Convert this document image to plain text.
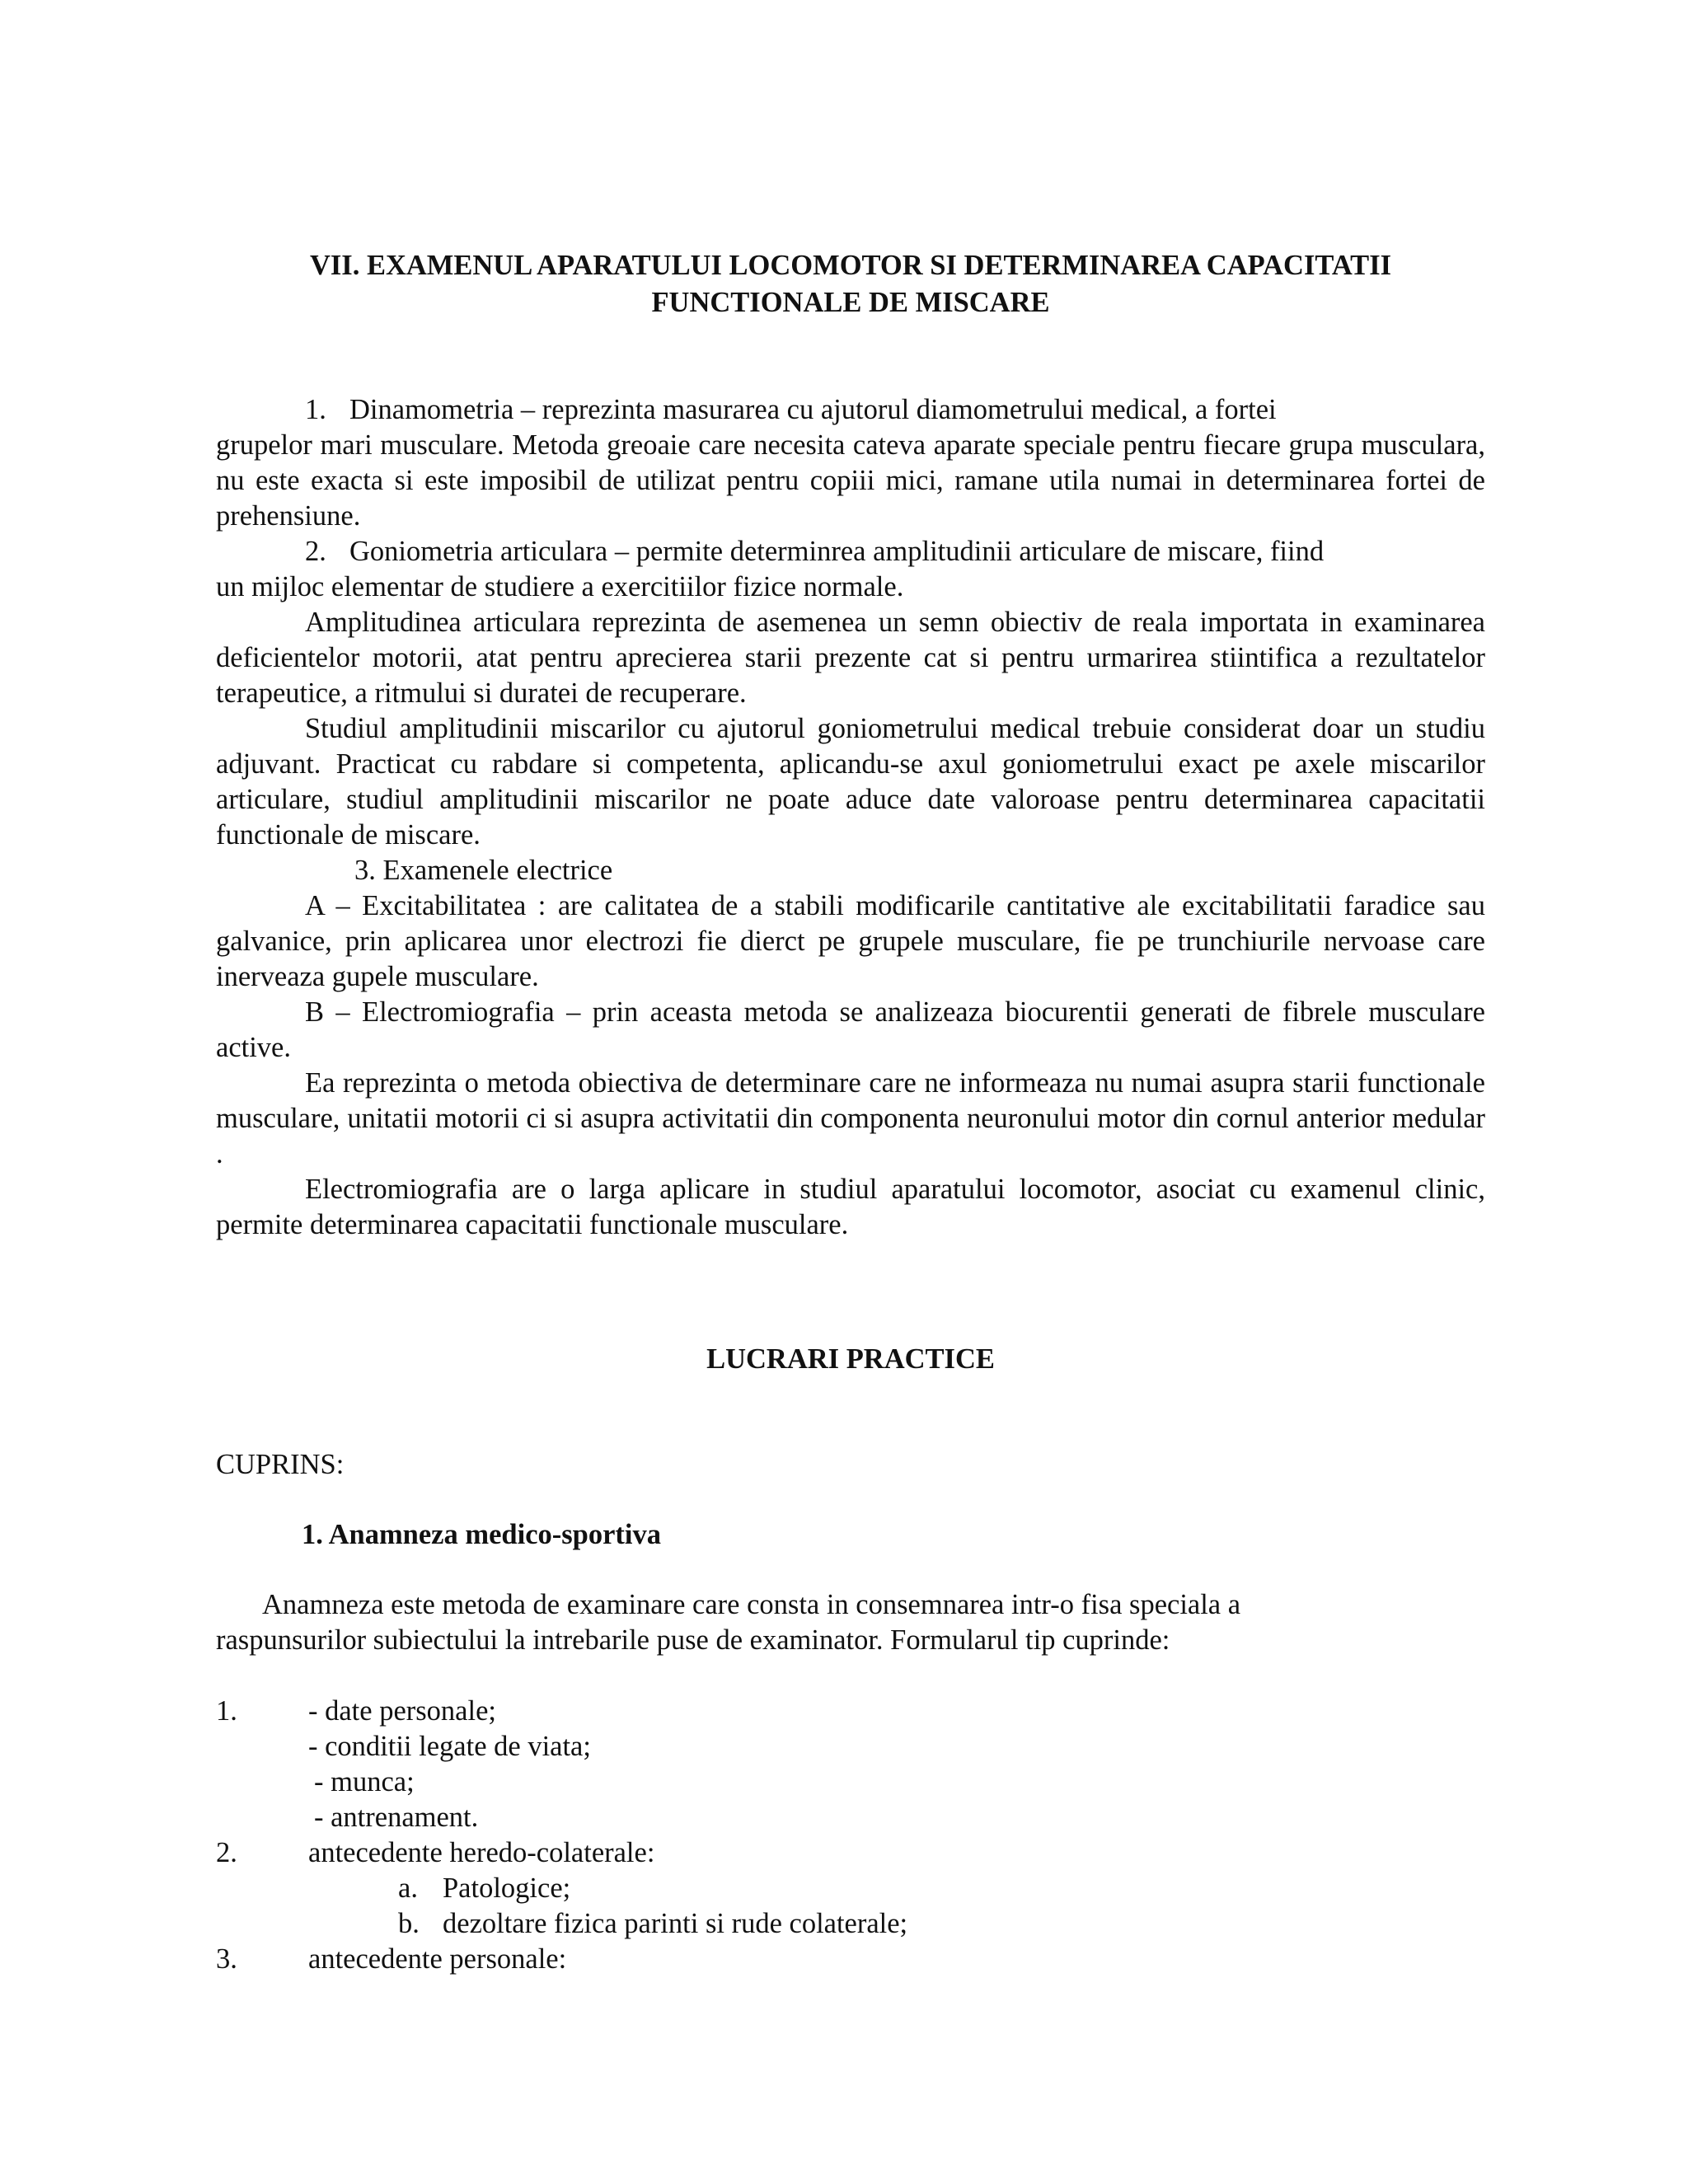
VII. EXAMENUL APARATULUI LOCOMOTOR SI DETERMINAREA CAPACITATII
FUNCTIONALE DE MISCARE

1. Dinamometria – reprezinta masurarea cu ajutorul diamometrului medical, a fortei

grupelor mari musculare. Metoda greoaie care necesita cateva aparate speciale pentru fiecare grupa musculara, nu este exacta si este imposibil de utilizat pentru copiii mici, ramane utila numai in determinarea fortei de prehensiune.

2. Goniometria articulara – permite determinrea amplitudinii articulare de miscare, fiind

un mijloc elementar de studiere a exercitiilor fizice normale.

Amplitudinea articulara reprezinta de asemenea un semn obiectiv de reala importata in examinarea deficientelor motorii, atat pentru aprecierea starii prezente cat si pentru urmarirea stiintifica a rezultatelor terapeutice, a ritmului si duratei de recuperare.

Studiul amplitudinii miscarilor cu ajutorul goniometrului medical trebuie considerat doar un studiu adjuvant. Practicat cu rabdare si competenta, aplicandu-se axul goniometrului exact pe axele miscarilor articulare, studiul amplitudinii miscarilor ne poate aduce date valoroase pentru determinarea capacitatii functionale de miscare.

3. Examenele electrice

A – Excitabilitatea : are calitatea de a stabili modificarile cantitative ale excitabilitatii faradice sau galvanice, prin aplicarea unor electrozi fie dierct pe grupele musculare, fie pe trunchiurile nervoase care inerveaza gupele musculare.

B – Electromiografia – prin aceasta metoda se analizeaza biocurentii generati de fibrele musculare active.

Ea reprezinta o metoda obiectiva de determinare care ne informeaza nu numai asupra starii functionale musculare, unitatii motorii ci si asupra activitatii din componenta neuronului motor din cornul anterior medular .

Electromiografia are o larga aplicare in studiul aparatului locomotor, asociat cu examenul clinic, permite determinarea capacitatii functionale musculare.

LUCRARI PRACTICE
CUPRINS:
1. Anamneza medico-sportiva

Anamneza este metoda de examinare care consta in consemnarea intr-o fisa speciala a

raspunsurilor subiectului la intrebarile puse de examinator. Formularul tip cuprinde:

1. - date personale;
- conditii legate de viata;
- munca;
- antrenament.
2. antecedente heredo-colaterale:
a. Patologice;
b. dezoltare fizica parinti si rude colaterale;
3. antecedente personale:
